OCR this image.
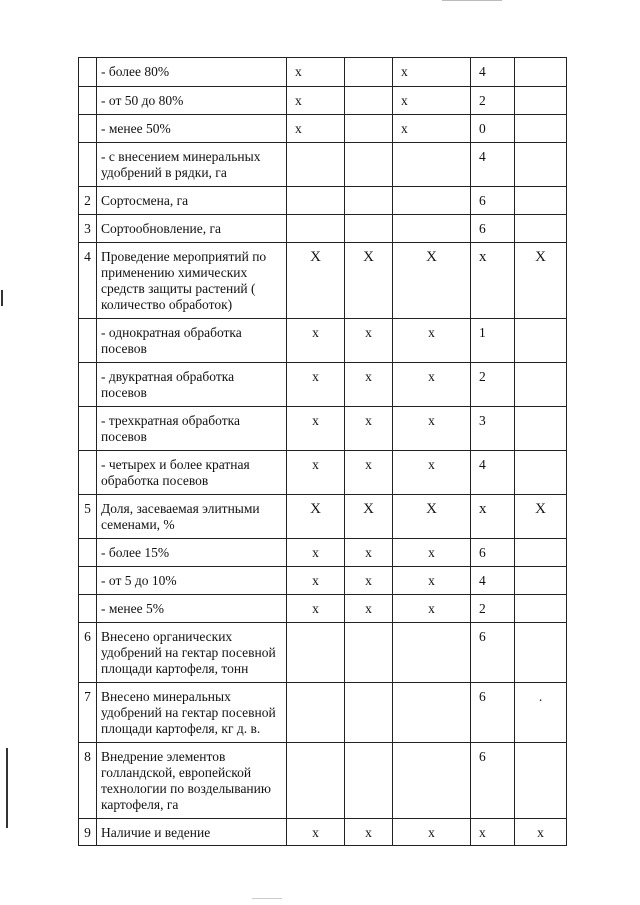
	- более 80%	х		х	4	
	- от 50 до 80%	х		х	2	
	- менее 50%	х		х	0	
	- с внесением минеральных удобрений в рядки, га				4	
2	Сортосмена, га				6	
3	Сортообновление, га				6	
4	Проведение мероприятий по применению химических средств защиты растений ( количество обработок)	Х	Х	Х	х	Х
	- однократная обработка посевов	х	х	х	1	
	- двукратная обработка посевов	х	х	х	2	
	- трехкратная обработка посевов	х	х	х	3	
	- четырех и более кратная обработка посевов	х	х	х	4	
5	Доля, засеваемая элитными семенами, %	Х	Х	Х	х	Х
	- более 15%	х	х	х	6	
	- от 5 до 10%	х	х	х	4	
	- менее 5%	х	х	х	2	
6	Внесено органических удобрений на гектар посевной площади картофеля, тонн				6	
7	Внесено минеральных удобрений на гектар посевной площади картофеля, кг д. в.				6	.
8	Внедрение элементов голландской, европейской технологии по возделыванию картофеля, га				6	
9	Наличие и ведение	х	х	х	х	х
